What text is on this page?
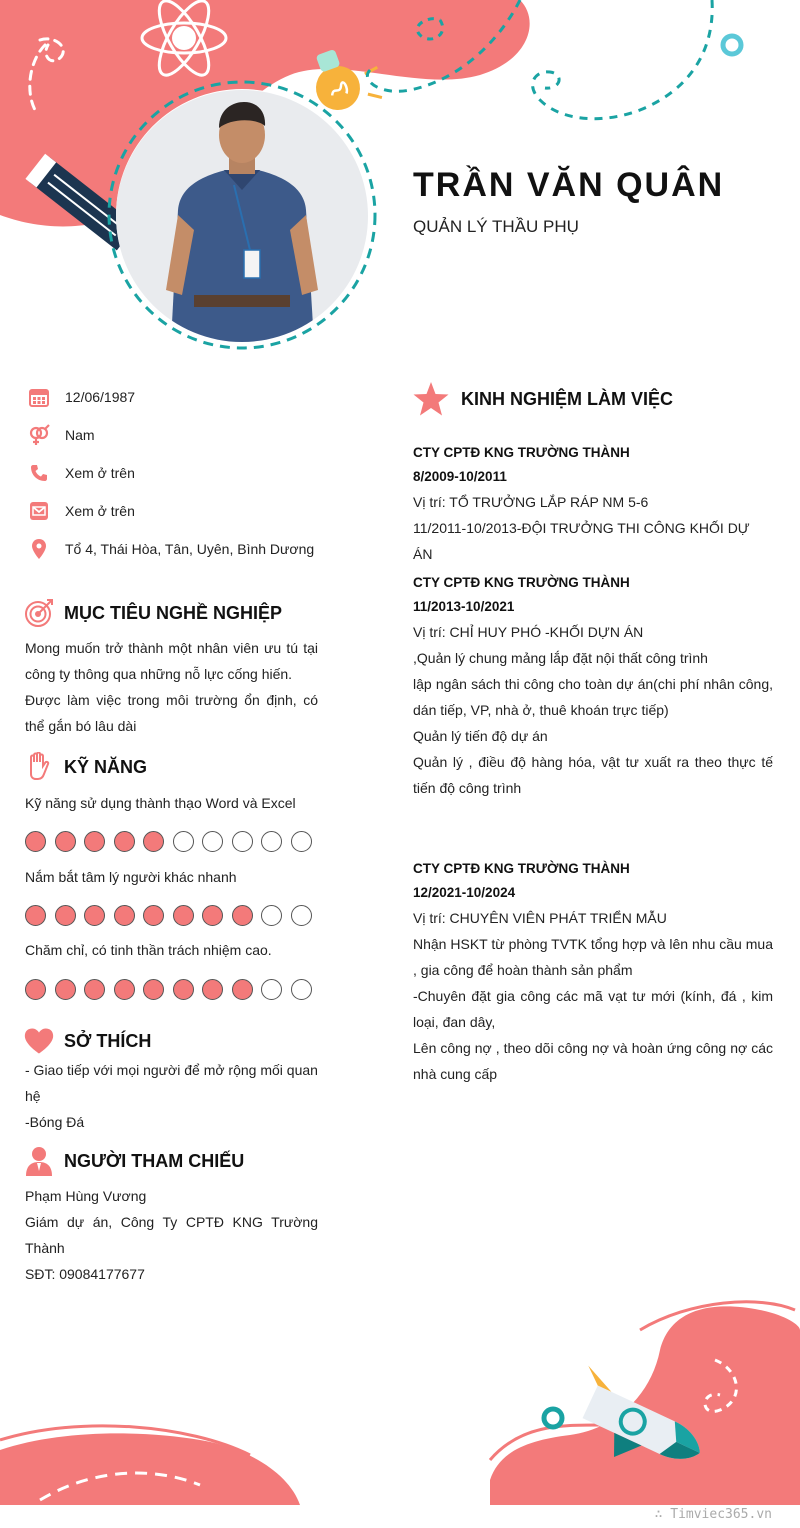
TRẦN VĂN QUÂN
QUẢN LÝ THẦU PHỤ
12/06/1987
Nam
Xem ở trên
Xem ở trên
Tổ 4, Thái Hòa, Tân, Uyên, Bình Dương
MỤC TIÊU NGHỀ NGHIỆP
Mong muốn trở thành một nhân viên ưu tú tại công ty thông qua những nỗ lực cống hiến.
Được làm việc trong môi trường ổn định, có thể gắn bó lâu dài
KỸ NĂNG
Kỹ năng sử dụng thành thạo Word và Excel
Nắm bắt tâm lý người khác nhanh
Chăm chỉ, có tinh thần trách nhiệm cao.
SỞ THÍCH
- Giao tiếp với mọi người để mở rộng mối quan hệ
-Bóng Đá
NGƯỜI THAM CHIẾU
Phạm Hùng Vương
Giám dự án, Công Ty CPTĐ KNG Trường Thành
SĐT: 09084177677
KINH NGHIỆM LÀM VIỆC
CTY CPTĐ KNG TRƯỜNG THÀNH
8/2009-10/2011
Vị trí: TỔ TRƯỞNG LẮP RÁP NM 5-6
11/2011-10/2013-ĐỘI TRƯỞNG THI CÔNG KHỐI DỰ ÁN
CTY CPTĐ KNG TRƯỜNG THÀNH
11/2013-10/2021
Vị trí: CHỈ HUY PHÓ -KHỐI DỰN ÁN
,Quản lý chung mảng lắp đặt nội thất công trình
lập ngân sách thi công cho toàn dự án(chi phí nhân công, dán tiếp, VP, nhà ở, thuê khoán trực tiếp)
Quản lý tiến độ dự án
Quản lý , điều độ hàng hóa, vật tư xuất ra theo thực tế tiến độ công trình
CTY CPTĐ KNG TRƯỜNG THÀNH
12/2021-10/2024
Vị trí: CHUYÊN VIÊN PHÁT TRIỂN MẪU
Nhận HSKT từ phòng TVTK tổng hợp và lên nhu cầu mua , gia công để hoàn thành sản phẩm
-Chuyên đặt gia công các mã vạt tư mới (kính, đá , kim loại, đan dây,
Lên công nợ , theo dõi công nợ và hoàn ứng công nợ các nhà cung cấp
∴ Timviec365.vn
